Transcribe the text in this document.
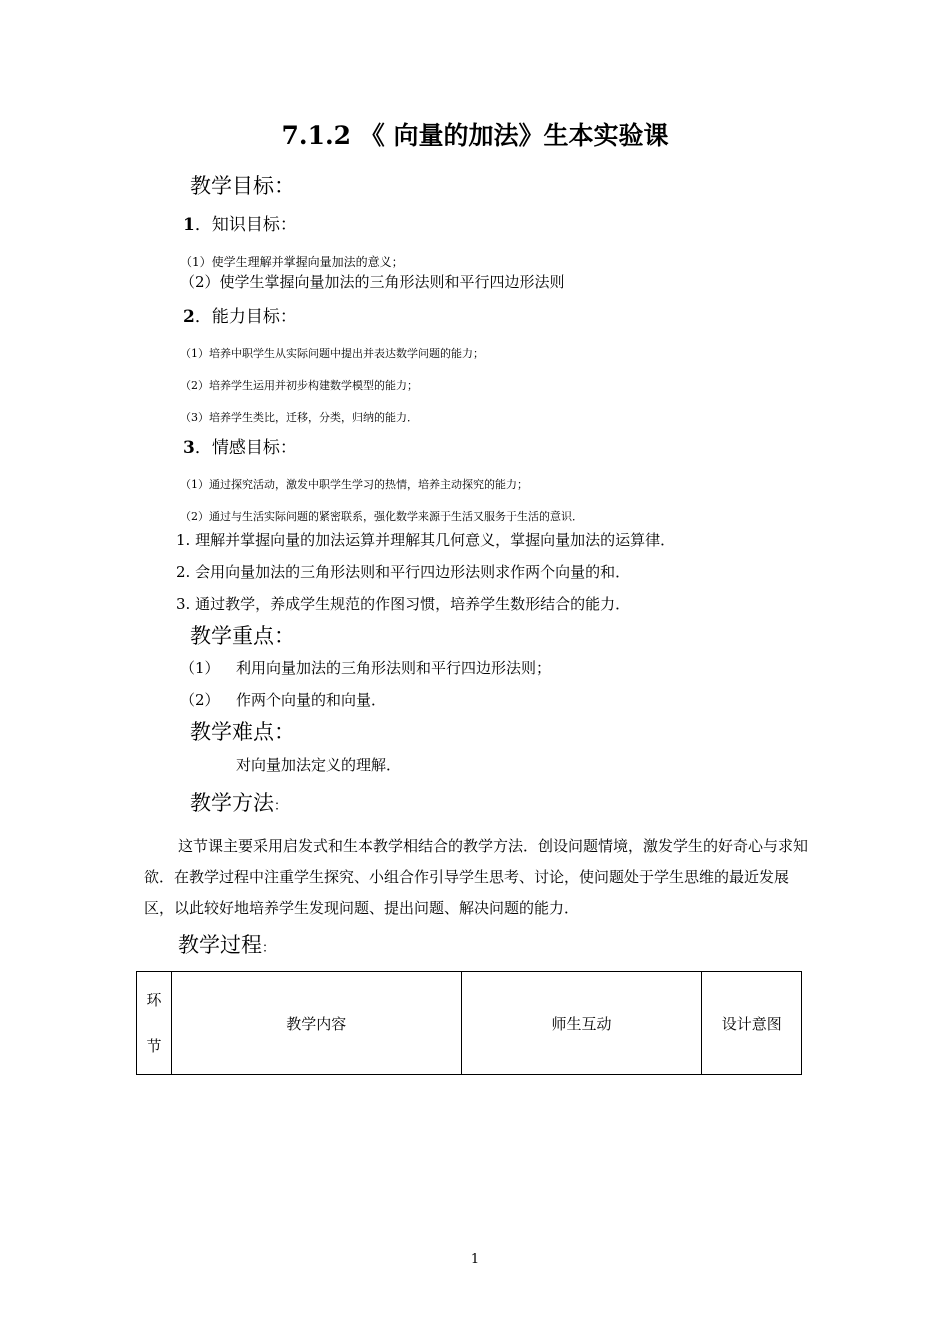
7.1.2 《 向量的加法》生本实验课
教学目标：
1．知识目标：
（1）使学生理解并掌握向量加法的意义；
（2）使学生掌握向量加法的三角形法则和平行四边形法则
2．能力目标：
（1）培养中职学生从实际问题中提出并表达数学问题的能力；
（2）培养学生运用并初步构建数学模型的能力；
（3）培养学生类比，迁移，分类，归纳的能力．
3．情感目标：
（1）通过探究活动，激发中职学生学习的热情，培养主动探究的能力；
（2）通过与生活实际问题的紧密联系，强化数学来源于生活又服务于生活的意识．
1. 理解并掌握向量的加法运算并理解其几何意义，掌握向量加法的运算律．
2. 会用向量加法的三角形法则和平行四边形法则求作两个向量的和．
3. 通过教学，养成学生规范的作图习惯，培养学生数形结合的能力．
教学重点：
（1） 利用向量加法的三角形法则和平行四边形法则；
（2） 作两个向量的和向量．
教学难点：
对向量加法定义的理解．
教学方法：
这节课主要采用启发式和生本教学相结合的教学方法．创设问题情境，激发学生的好奇心与求知欲．在教学过程中注重学生探究、小组合作引导学生思考、讨论，使问题处于学生思维的最近发展区，以此较好地培养学生发现问题、提出问题、解决问题的能力．
教学过程：
环
节
	教学内容	师生互动	设计意图
1
